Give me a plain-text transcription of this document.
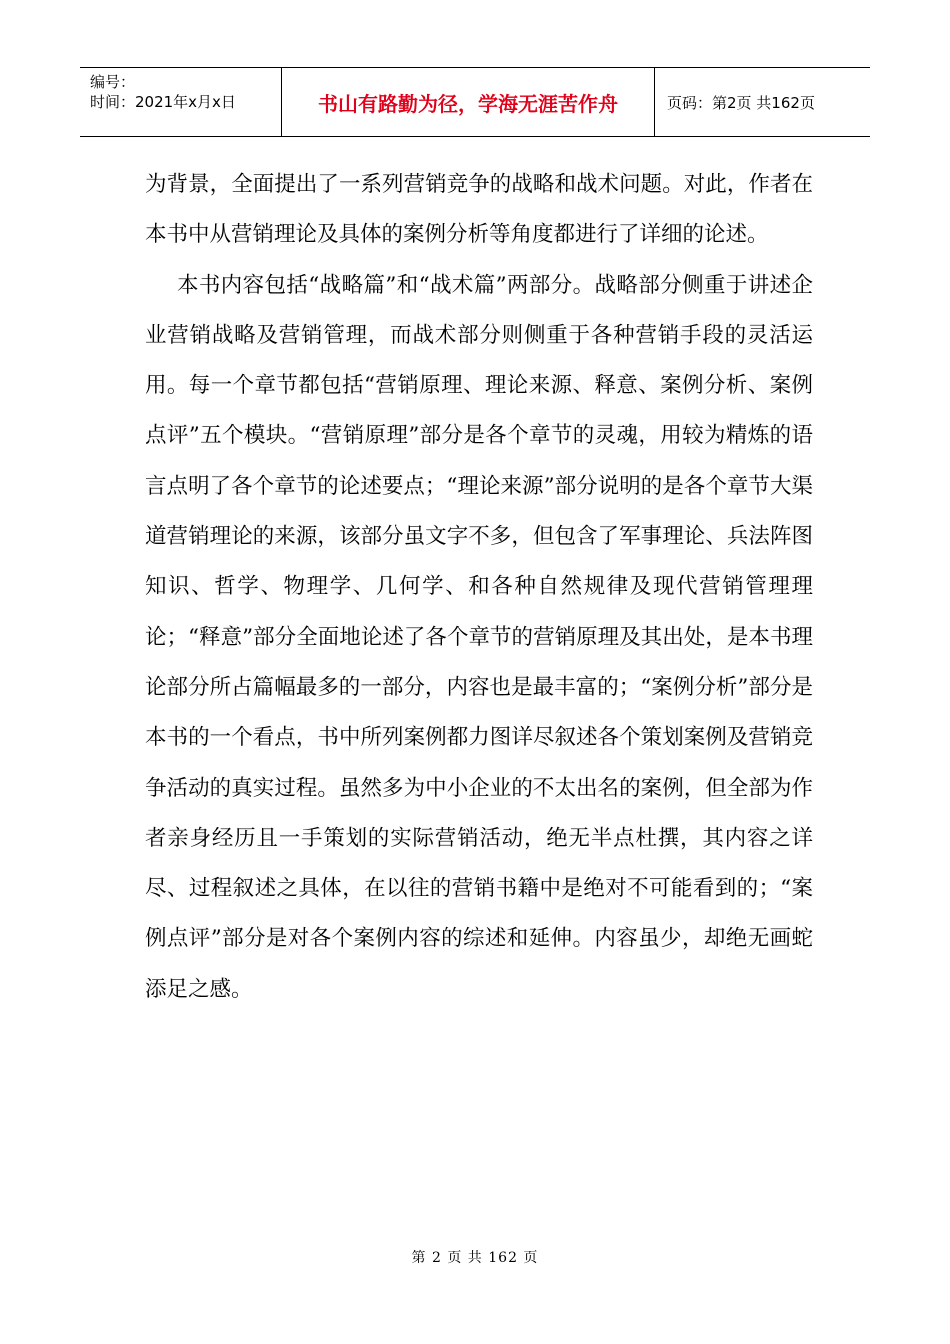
编号：
时间：2021年x月x日	书山有路勤为径，学海无涯苦作舟	页码：第2页 共162页

为背景，全面提出了一系列营销竞争的战略和战术问题。对此，作者在本书中从营销理论及具体的案例分析等角度都进行了详细的论述。

本书内容包括“战略篇”和“战术篇”两部分。战略部分侧重于讲述企业营销战略及营销管理，而战术部分则侧重于各种营销手段的灵活运用。每一个章节都包括“营销原理、理论来源、释意、案例分析、案例点评”五个模块。“营销原理”部分是各个章节的灵魂，用较为精炼的语言点明了各个章节的论述要点；“理论来源”部分说明的是各个章节大渠道营销理论的来源，该部分虽文字不多，但包含了军事理论、兵法阵图知识、哲学、物理学、几何学、和各种自然规律及现代营销管理理论；“释意”部分全面地论述了各个章节的营销原理及其出处，是本书理论部分所占篇幅最多的一部分，内容也是最丰富的；“案例分析”部分是本书的一个看点，书中所列案例都力图详尽叙述各个策划案例及营销竞争活动的真实过程。虽然多为中小企业的不太出名的案例，但全部为作者亲身经历且一手策划的实际营销活动，绝无半点杜撰，其内容之详尽、过程叙述之具体，在以往的营销书籍中是绝对不可能看到的；“案例点评”部分是对各个案例内容的综述和延伸。内容虽少，却绝无画蛇添足之感。

第 2 页 共 162 页
